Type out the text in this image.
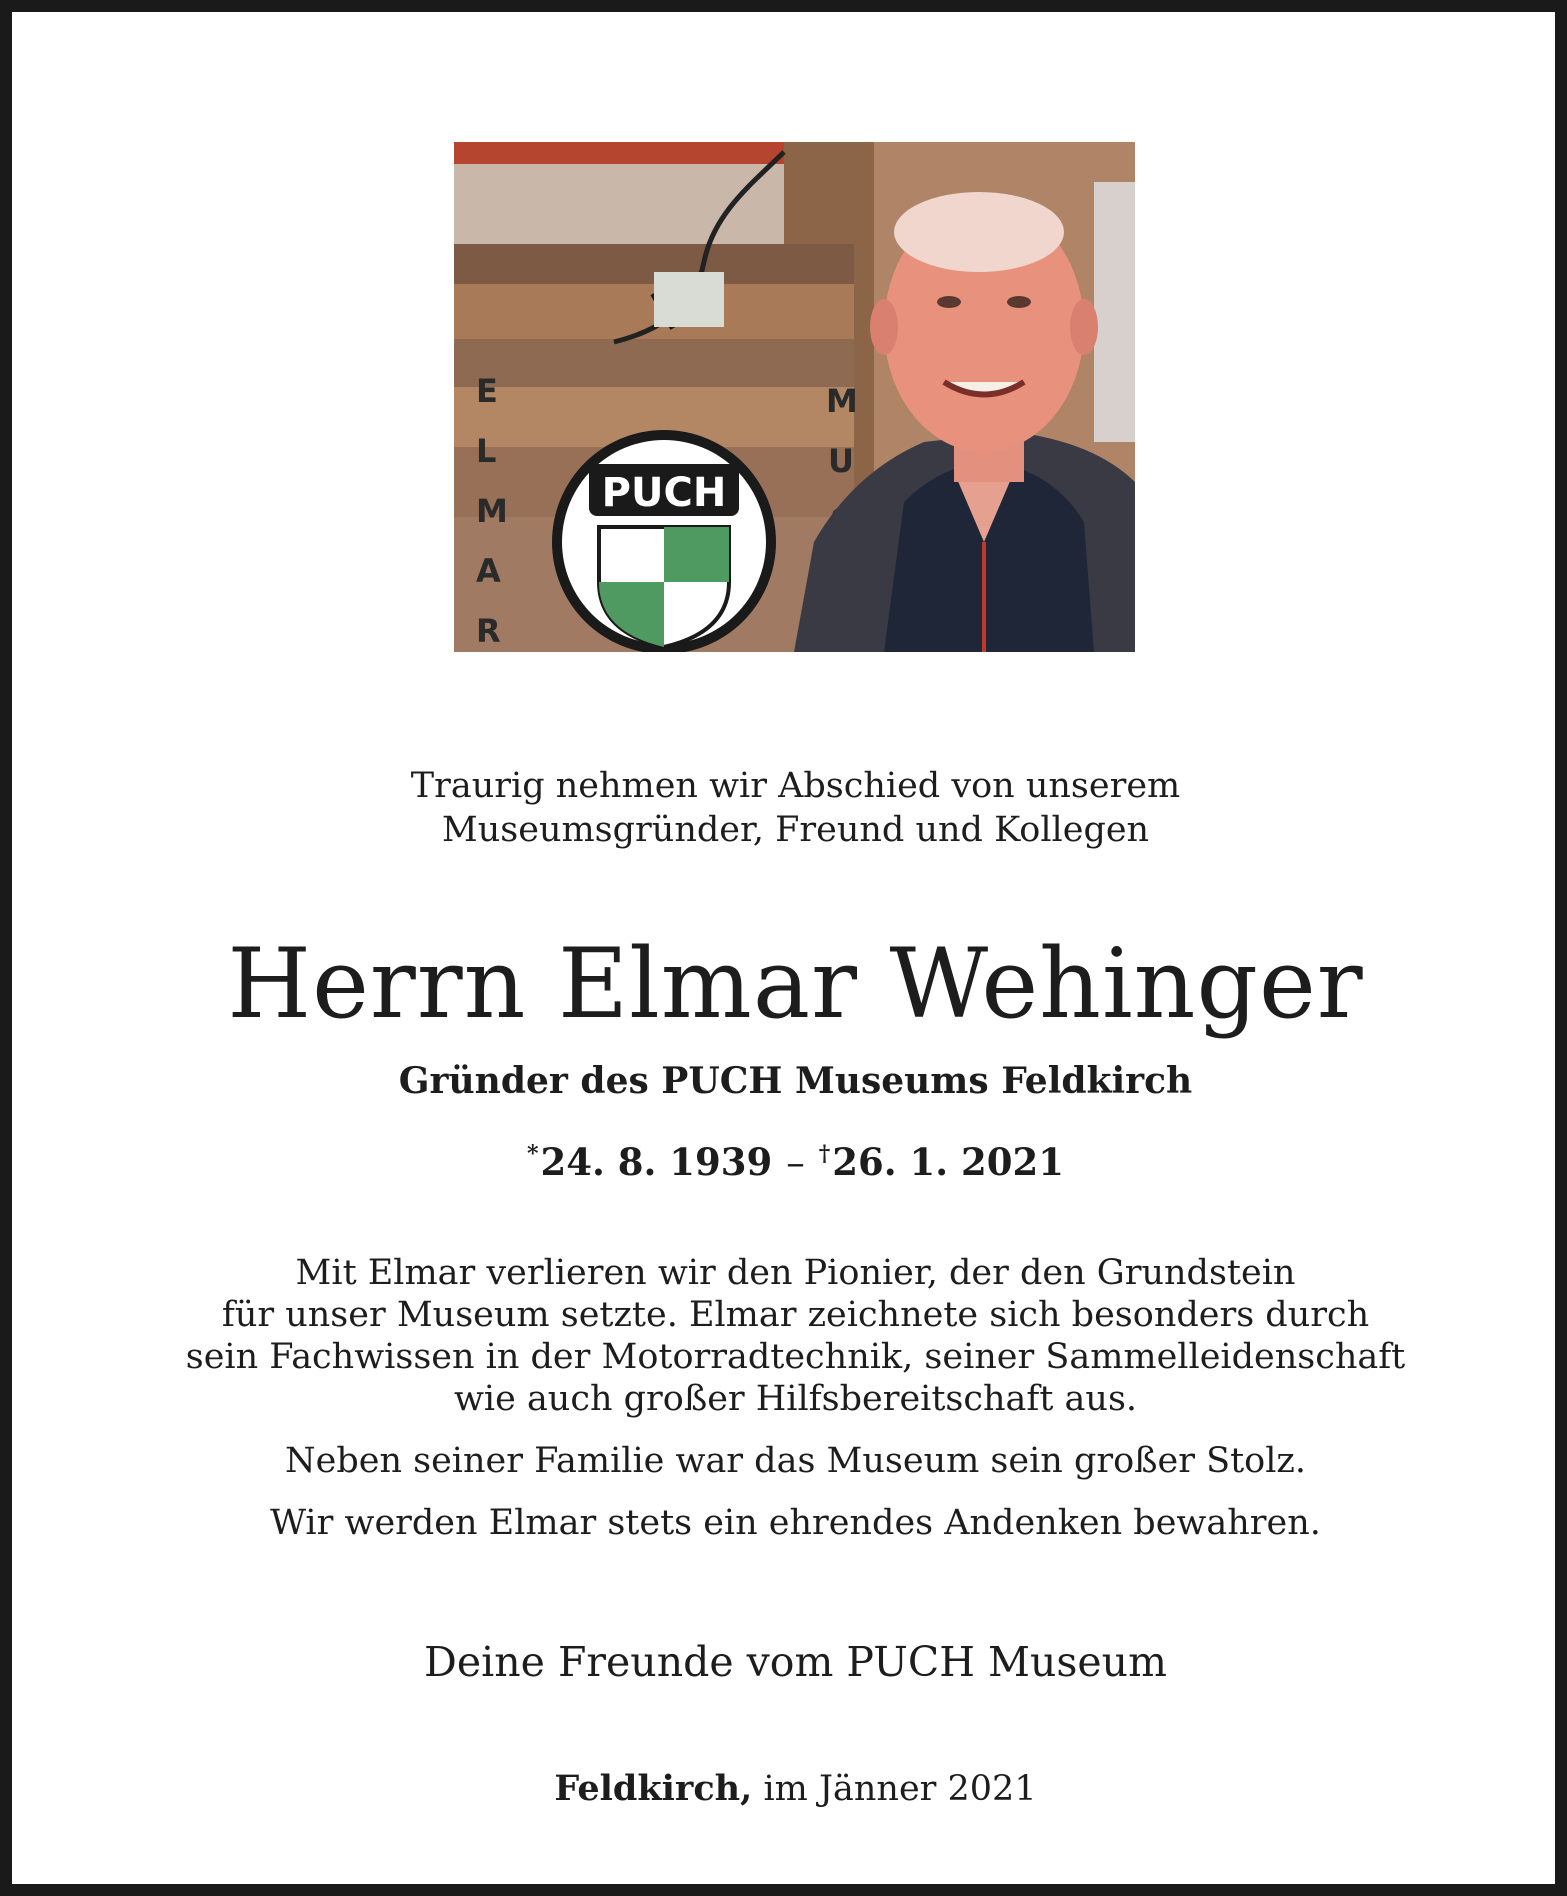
E
L
M
A
R
M
U
PUCH
Traurig nehmen wir Abschied von unserem
Museumsgründer, Freund und Kollegen
Herrn Elmar Wehinger
Gründer des PUCH Museums Feldkirch
*24. 8. 1939 – †26. 1. 2021

Mit Elmar verlieren wir den Pionier, der den Grundstein

für unser Museum setzte. Elmar zeichnete sich besonders durch

sein Fachwissen in der Motorradtechnik, seiner Sammelleidenschaft

wie auch großer Hilfsbereitschaft aus.

Neben seiner Familie war das Museum sein großer Stolz.

Wir werden Elmar stets ein ehrendes Andenken bewahren.

Deine Freunde vom PUCH Museum
Feldkirch, im Jänner 2021
